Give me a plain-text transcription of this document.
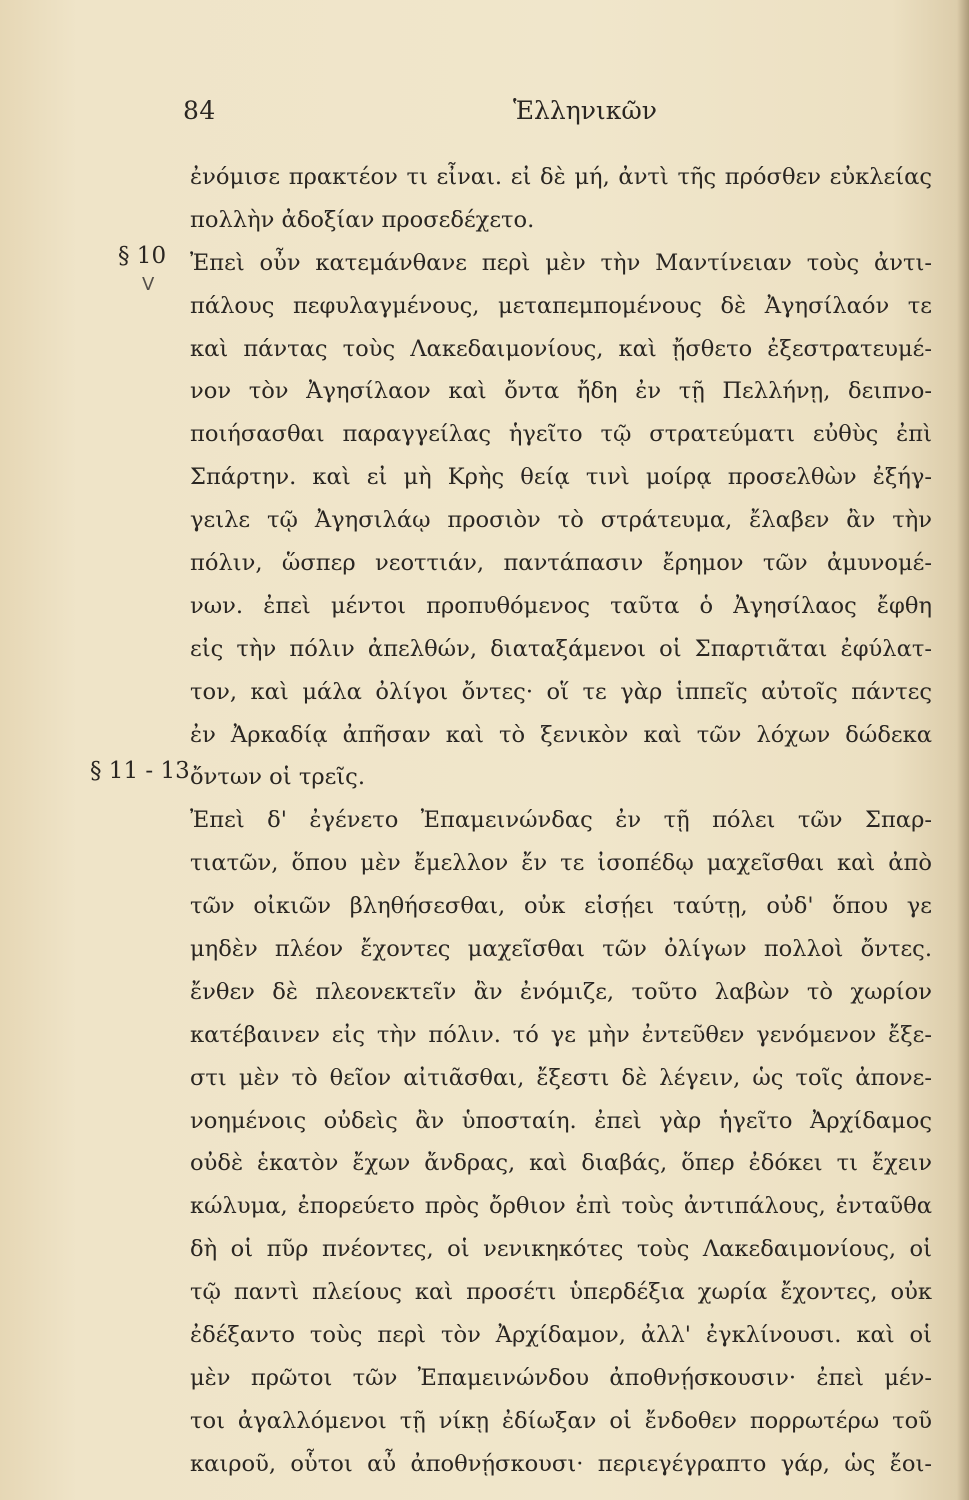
84	Ἑλληνικῶν
§ 10
V
§ 11 - 13
ἐνόμισε πρακτέον τι εἶναι. εἰ δὲ μή, ἀντὶ τῆς πρόσθεν εὐκλείας
πολλὴν ἀδοξίαν προσεδέχετο.
Ἐπεὶ οὖν κατεμάνθανε περὶ μὲν τὴν Μαντίνειαν τοὺς ἀντι-
πάλους πεφυλαγμένους, μεταπεμπομένους δὲ Ἀγησίλαόν τε
καὶ πάντας τοὺς Λακεδαιμονίους, καὶ ᾔσθετο ἐξεστρατευμέ-
νον τὸν Ἀγησίλαον καὶ ὄντα ἤδη ἐν τῇ Πελλήνῃ, δειπνο-
ποιήσασθαι παραγγείλας ἡγεῖτο τῷ στρατεύματι εὐθὺς ἐπὶ
Σπάρτην. καὶ εἰ μὴ Κρὴς θείᾳ τινὶ μοίρᾳ προσελθὼν ἐξήγ-
γειλε τῷ Ἀγησιλάῳ προσιὸν τὸ στράτευμα, ἔλαβεν ἂν τὴν
πόλιν, ὥσπερ νεοττιάν, παντάπασιν ἔρημον τῶν ἀμυνομέ-
νων. ἐπεὶ μέντοι προπυθόμενος ταῦτα ὁ Ἀγησίλαος ἔφθη
εἰς τὴν πόλιν ἀπελθών, διαταξάμενοι οἱ Σπαρτιᾶται ἐφύλατ-
τον, καὶ μάλα ὀλίγοι ὄντες· οἵ τε γὰρ ἱππεῖς αὐτοῖς πάντες
ἐν Ἀρκαδίᾳ ἀπῆσαν καὶ τὸ ξενικὸν καὶ τῶν λόχων δώδεκα
ὄντων οἱ τρεῖς.
Ἐπεὶ δ' ἐγένετο Ἐπαμεινώνδας ἐν τῇ πόλει τῶν Σπαρ-
τιατῶν, ὅπου μὲν ἔμελλον ἔν τε ἰσοπέδῳ μαχεῖσθαι καὶ ἀπὸ
τῶν οἰκιῶν βληθήσεσθαι, οὐκ εἰσῄει ταύτῃ, οὐδ' ὅπου γε
μηδὲν πλέον ἔχοντες μαχεῖσθαι τῶν ὀλίγων πολλοὶ ὄντες.
ἔνθεν δὲ πλεονεκτεῖν ἂν ἐνόμιζε, τοῦτο λαβὼν τὸ χωρίον
κατέβαινεν εἰς τὴν πόλιν. τό γε μὴν ἐντεῦθεν γενόμενον ἔξε-
στι μὲν τὸ θεῖον αἰτιᾶσθαι, ἔξεστι δὲ λέγειν, ὡς τοῖς ἀπονε-
νοημένοις οὐδεὶς ἂν ὑποσταίη. ἐπεὶ γὰρ ἡγεῖτο Ἀρχίδαμος
οὐδὲ ἑκατὸν ἔχων ἄνδρας, καὶ διαβάς, ὅπερ ἐδόκει τι ἔχειν
κώλυμα, ἐπορεύετο πρὸς ὄρθιον ἐπὶ τοὺς ἀντιπάλους, ἐνταῦθα
δὴ οἱ πῦρ πνέοντες, οἱ νενικηκότες τοὺς Λακεδαιμονίους, οἱ
τῷ παντὶ πλείους καὶ προσέτι ὑπερδέξια χωρία ἔχοντες, οὐκ
ἐδέξαντο τοὺς περὶ τὸν Ἀρχίδαμον, ἀλλ' ἐγκλίνουσι. καὶ οἱ
μὲν πρῶτοι τῶν Ἐπαμεινώνδου ἀποθνῄσκουσιν· ἐπεὶ μέν-
τοι ἀγαλλόμενοι τῇ νίκῃ ἐδίωξαν οἱ ἔνδοθεν πορρωτέρω τοῦ
καιροῦ, οὗτοι αὖ ἀποθνῄσκουσι· περιεγέγραπτο γάρ, ὡς ἔοι-
